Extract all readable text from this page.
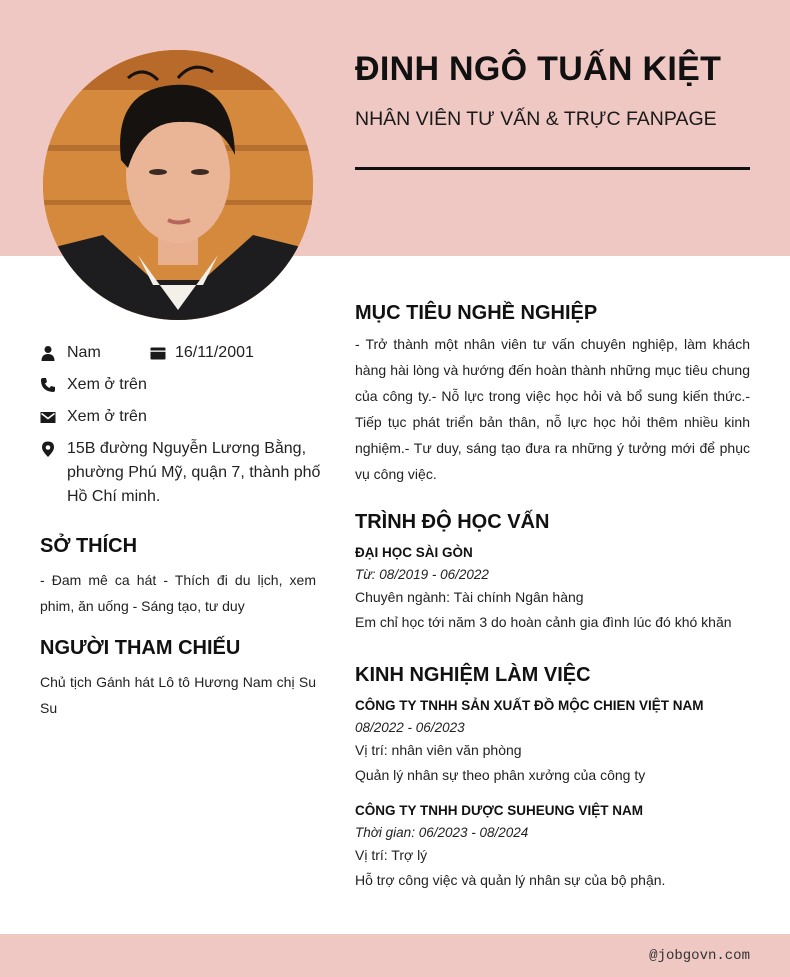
ĐINH NGÔ TUẤN KIỆT
NHÂN VIÊN TƯ VẤN & TRỰC FANPAGE
Nam	16/11/2001
Xem ở trên
Xem ở trên
15B đường Nguyễn Lương Bằng,
phường Phú Mỹ, quận 7, thành phố
Hồ Chí minh.
SỞ THÍCH
- Đam mê ca hát - Thích đi du lịch, xem phim, ăn uống - Sáng tạo, tư duy
NGƯỜI THAM CHIẾU
Chủ tịch Gánh hát Lô tô Hương Nam chị Su Su
MỤC TIÊU NGHỀ NGHIỆP
- Trở thành một nhân viên tư vấn chuyên nghiệp, làm khách hàng hài lòng và hướng đến hoàn thành những mục tiêu chung của công ty.- Nỗ lực trong việc học hỏi và bổ sung kiến thức.- Tiếp tục phát triển bản thân, nỗ lực học hỏi thêm nhiều kinh nghiệm.- Tư duy, sáng tạo đưa ra những ý tưởng mới để phục vụ công việc.
TRÌNH ĐỘ HỌC VẤN
ĐẠI HỌC SÀI GÒN
Từ: 08/2019 - 06/2022
Chuyên ngành: Tài chính Ngân hàng
Em chỉ học tới năm 3 do hoàn cảnh gia đình lúc đó khó khăn
KINH NGHIỆM LÀM VIỆC
CÔNG TY TNHH SẢN XUẤT ĐỒ MỘC CHIEN VIỆT NAM
08/2022 - 06/2023
Vị trí: nhân viên văn phòng
Quản lý nhân sự theo phân xưởng của công ty
CÔNG TY TNHH DƯỢC SUHEUNG VIỆT NAM
Thời gian: 06/2023 - 08/2024
Vị trí: Trợ lý
Hỗ trợ công việc và quản lý nhân sự của bộ phận.
@jobgovn.com
